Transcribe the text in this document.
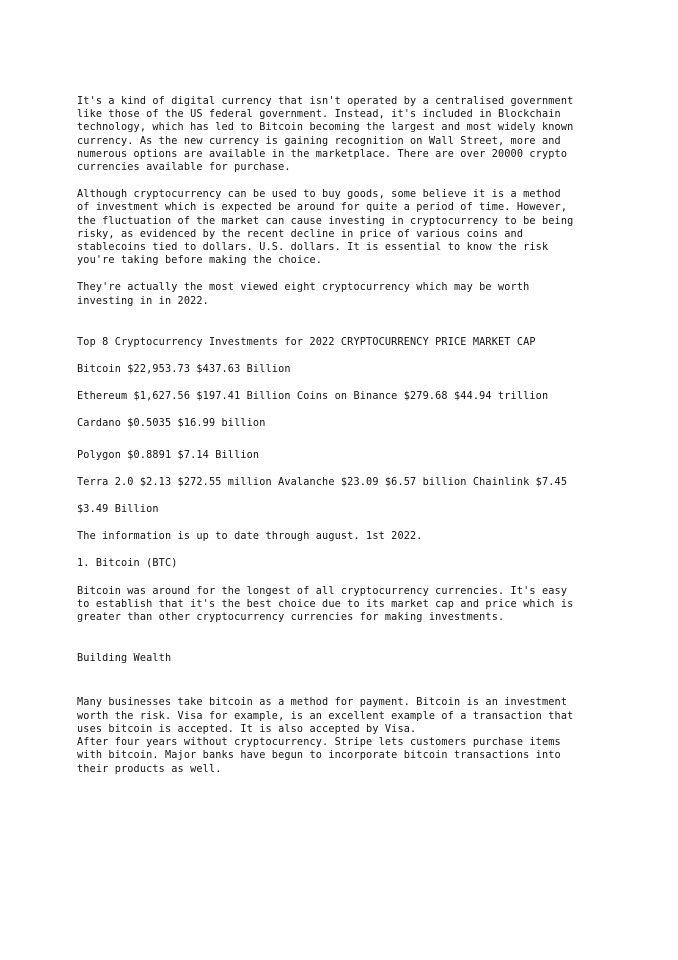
It's a kind of digital currency that isn't operated by a centralised government
like those of the US federal government. Instead, it's included in Blockchain
technology, which has led to Bitcoin becoming the largest and most widely known
currency. As the new currency is gaining recognition on Wall Street, more and
numerous options are available in the marketplace. There are over 20000 crypto
currencies available for purchase.

Although cryptocurrency can be used to buy goods, some believe it is a method
of investment which is expected be around for quite a period of time. However,
the fluctuation of the market can cause investing in cryptocurrency to be being
risky, as evidenced by the recent decline in price of various coins and
stablecoins tied to dollars. U.S. dollars. It is essential to know the risk
you're taking before making the choice.

They're actually the most viewed eight cryptocurrency which may be worth
investing in in 2022.

Top 8 Cryptocurrency Investments for 2022 CRYPTOCURRENCY PRICE MARKET CAP

Bitcoin $22,953.73 $437.63 Billion

Ethereum $1,627.56 $197.41 Billion Coins on Binance $279.68 $44.94 trillion

Cardano $0.5035 $16.99 billion

Polygon $0.8891 $7.14 Billion

Terra 2.0 $2.13 $272.55 million Avalanche $23.09 $6.57 billion Chainlink $7.45

$3.49 Billion

The information is up to date through august. 1st 2022.

1. Bitcoin (BTC)

Bitcoin was around for the longest of all cryptocurrency currencies. It's easy
to establish that it's the best choice due to its market cap and price which is
greater than other cryptocurrency currencies for making investments.

Building Wealth

Many businesses take bitcoin as a method for payment. Bitcoin is an investment
worth the risk. Visa for example, is an excellent example of a transaction that
uses bitcoin is accepted. It is also accepted by Visa.
After four years without cryptocurrency. Stripe lets customers purchase items
with bitcoin. Major banks have begun to incorporate bitcoin transactions into
their products as well.
